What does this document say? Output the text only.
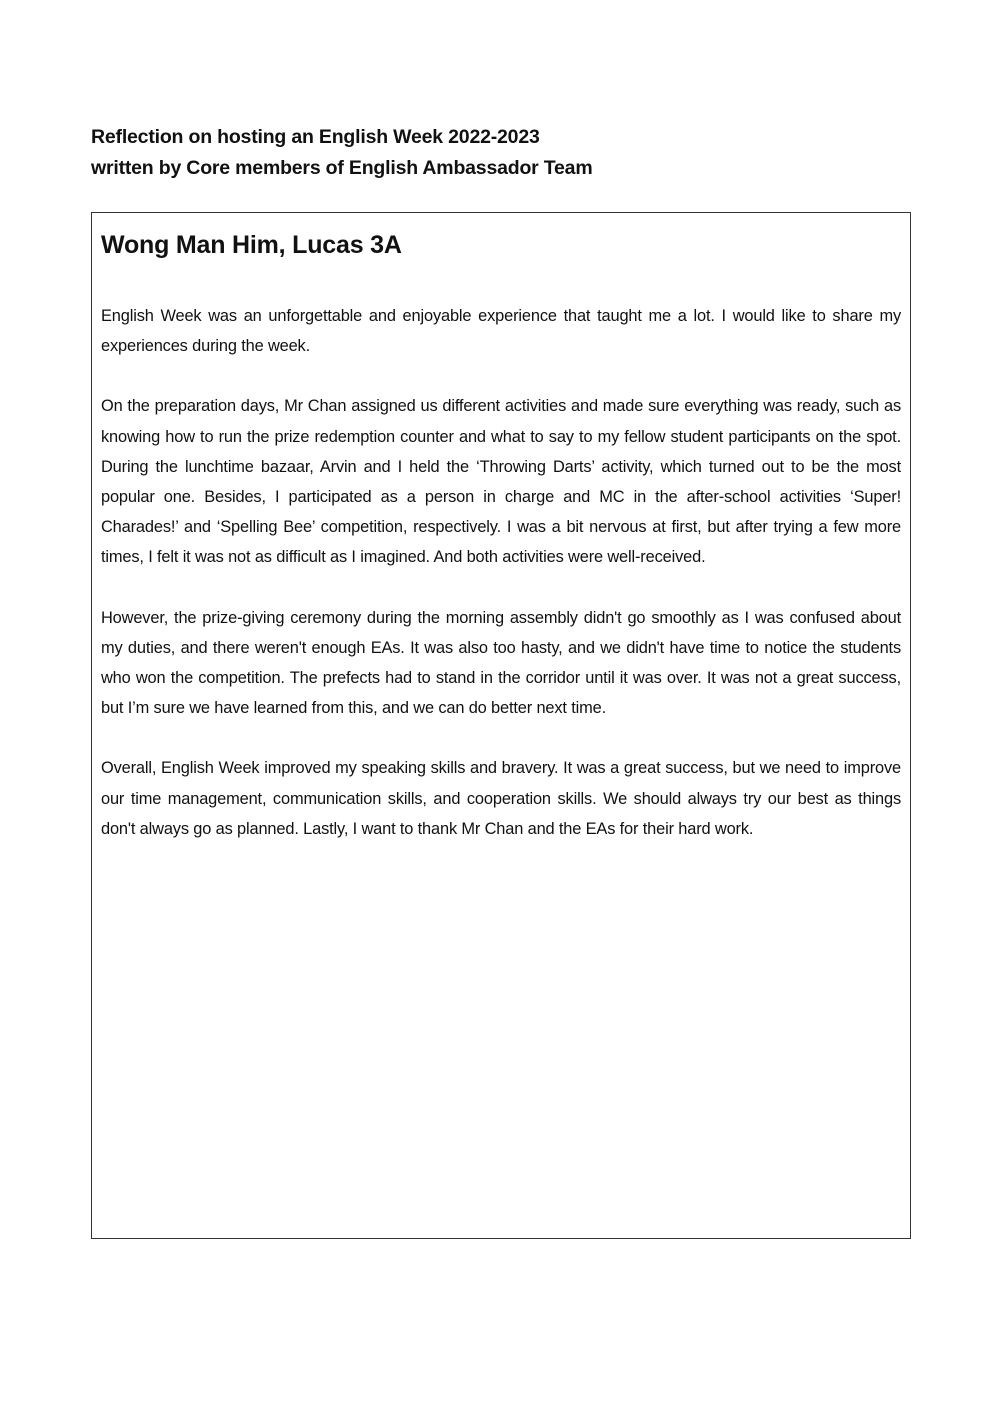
Reflection on hosting an English Week 2022-2023
written by Core members of English Ambassador Team
Wong Man Him, Lucas 3A

English Week was an unforgettable and enjoyable experience that taught me a lot. I would like to share my experiences during the week.

On the preparation days, Mr Chan assigned us different activities and made sure everything was ready, such as knowing how to run the prize redemption counter and what to say to my fellow student participants on the spot. During the lunchtime bazaar, Arvin and I held the ‘Throwing Darts’ activity, which turned out to be the most popular one. Besides, I participated as a person in charge and MC in the after-school activities ‘Super! Charades!’ and ‘Spelling Bee’ competition, respectively. I was a bit nervous at first, but after trying a few more times, I felt it was not as difficult as I imagined. And both activities were well-received.

However, the prize-giving ceremony during the morning assembly didn't go smoothly as I was confused about my duties, and there weren't enough EAs. It was also too hasty, and we didn't have time to notice the students who won the competition. The prefects had to stand in the corridor until it was over. It was not a great success, but I’m sure we have learned from this, and we can do better next time.

Overall, English Week improved my speaking skills and bravery. It was a great success, but we need to improve our time management, communication skills, and cooperation skills. We should always try our best as things don't always go as planned. Lastly, I want to thank Mr Chan and the EAs for their hard work.
